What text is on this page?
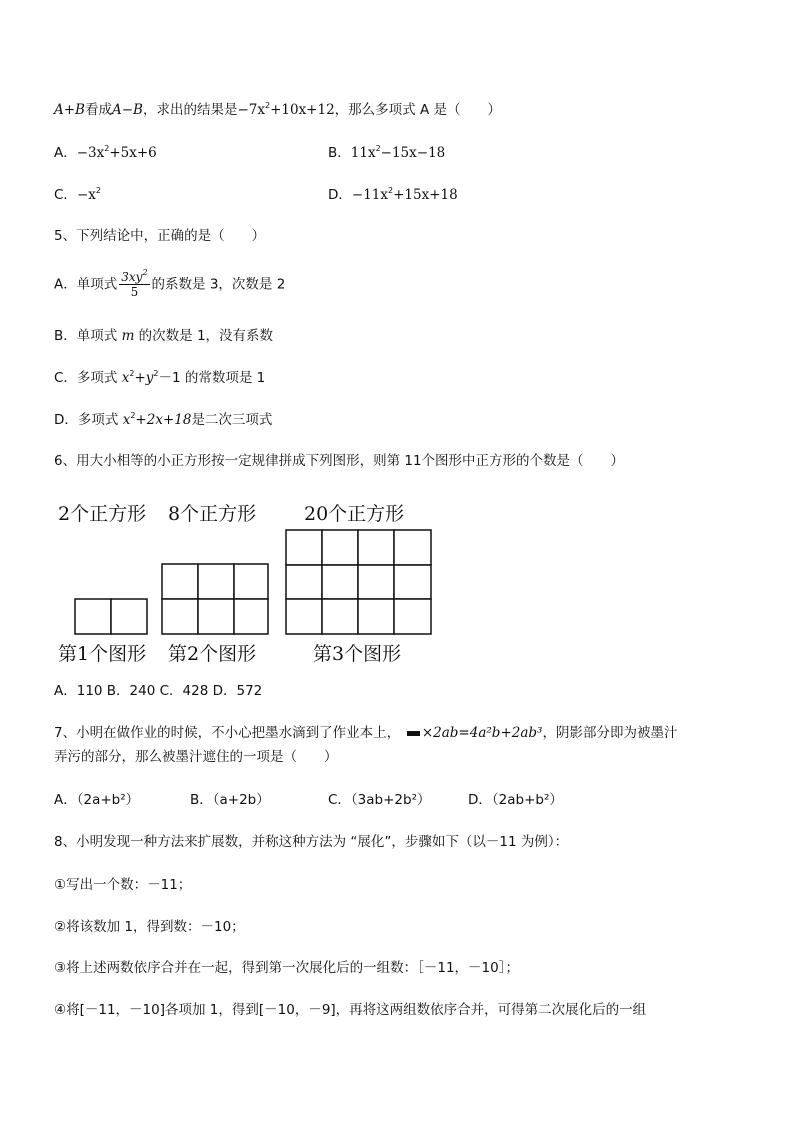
A+B看成A−B，求出的结果是$-7x^2+10x+12$，那么多项式 A 是（　　）
A．$-3x^2+5x+6$	B．$11x^2-15x-18$
C．$-x^2$	D．$-11x^2+15x+18$
5、下列结论中，正确的是（　　）
A．单项式 $\frac{3xy^2}{5}$ 的系数是 3，次数是 2
B．单项式 m 的次数是 1，没有系数
C．多项式 $x^2+y^2-1$ 的常数项是 1
D．多项式 $x^2+2x+18$是二次三项式
6、用大小相等的小正方形按一定规律拼成下列图形，则第 11个图形中正方形的个数是（　　）
2个正方形 8个正方形	20个正方形
第1个图形 第2个图形	第3个图形
A．110 B．240 C．428 D．572
7、小明在做作业的时候，不小心把墨水滴到了作业本上，　 ×2ab=4a²b+2ab³，阴影部分即为被墨汁
弄污的部分，那么被墨汁遮住的一项是（　　）
A．（2a+b²）	B．（a+2b）	C．（3ab+2b²）	D．（2ab+b²）
8、小明发现一种方法来扩展数，并称这种方法为 “展化”，步骤如下（以－11 为例）：
①写出一个数：－11；
②将该数加 1，得到数：－10；
③将上述两数依序合并在一起，得到第一次展化后的一组数：［－11，－10］；
④将[－11，－10]各项加 1，得到[－10，－9]，再将这两组数依序合并，可得第二次展化后的一组
